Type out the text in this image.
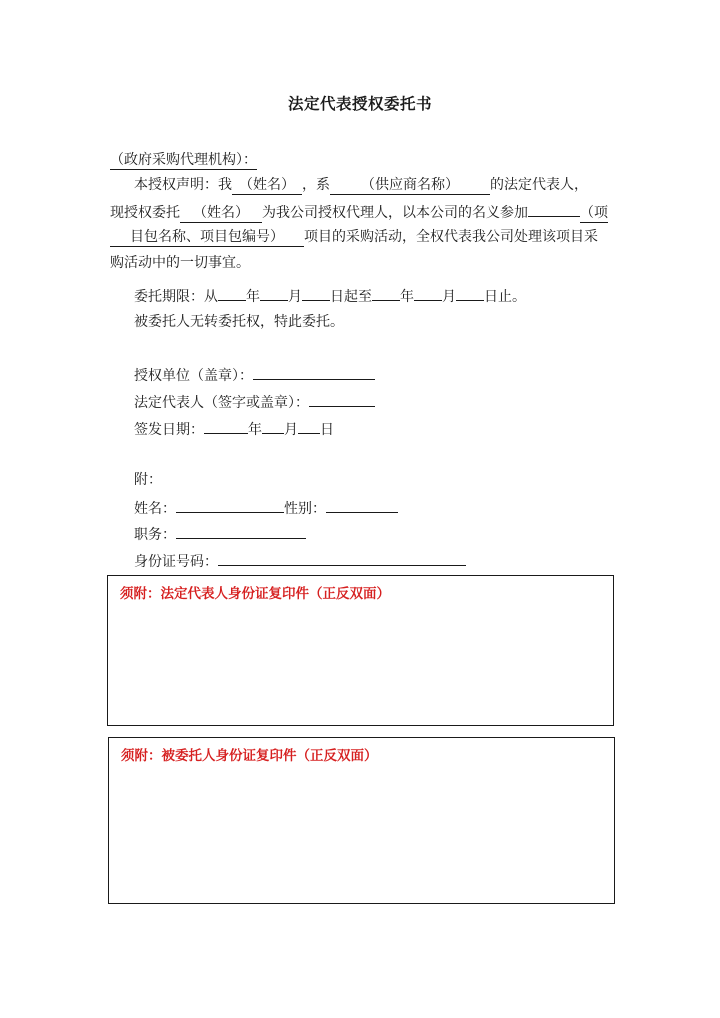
法定代表授权委托书
（政府采购代理机构）：
本授权声明：我 （姓名） ，系 （供应商名称） 的法定代表人，
现授权委托 （姓名） 为我公司授权代理人，以本公司的名义参加	（项
目包名称、项目包编号） 项目的采购活动，全权代表我公司处理该项目采
购活动中的一切事宜。
委托期限：从 年 月 日起至 年 月 日止。
被委托人无转委托权，特此委托。
授权单位（盖章）：
法定代表人（签字或盖章）：
签发日期：	年 月 日
附：
姓名：	性别：
职务：
身份证号码：
须附：法定代表人身份证复印件（正反双面）
须附：被委托人身份证复印件（正反双面）
